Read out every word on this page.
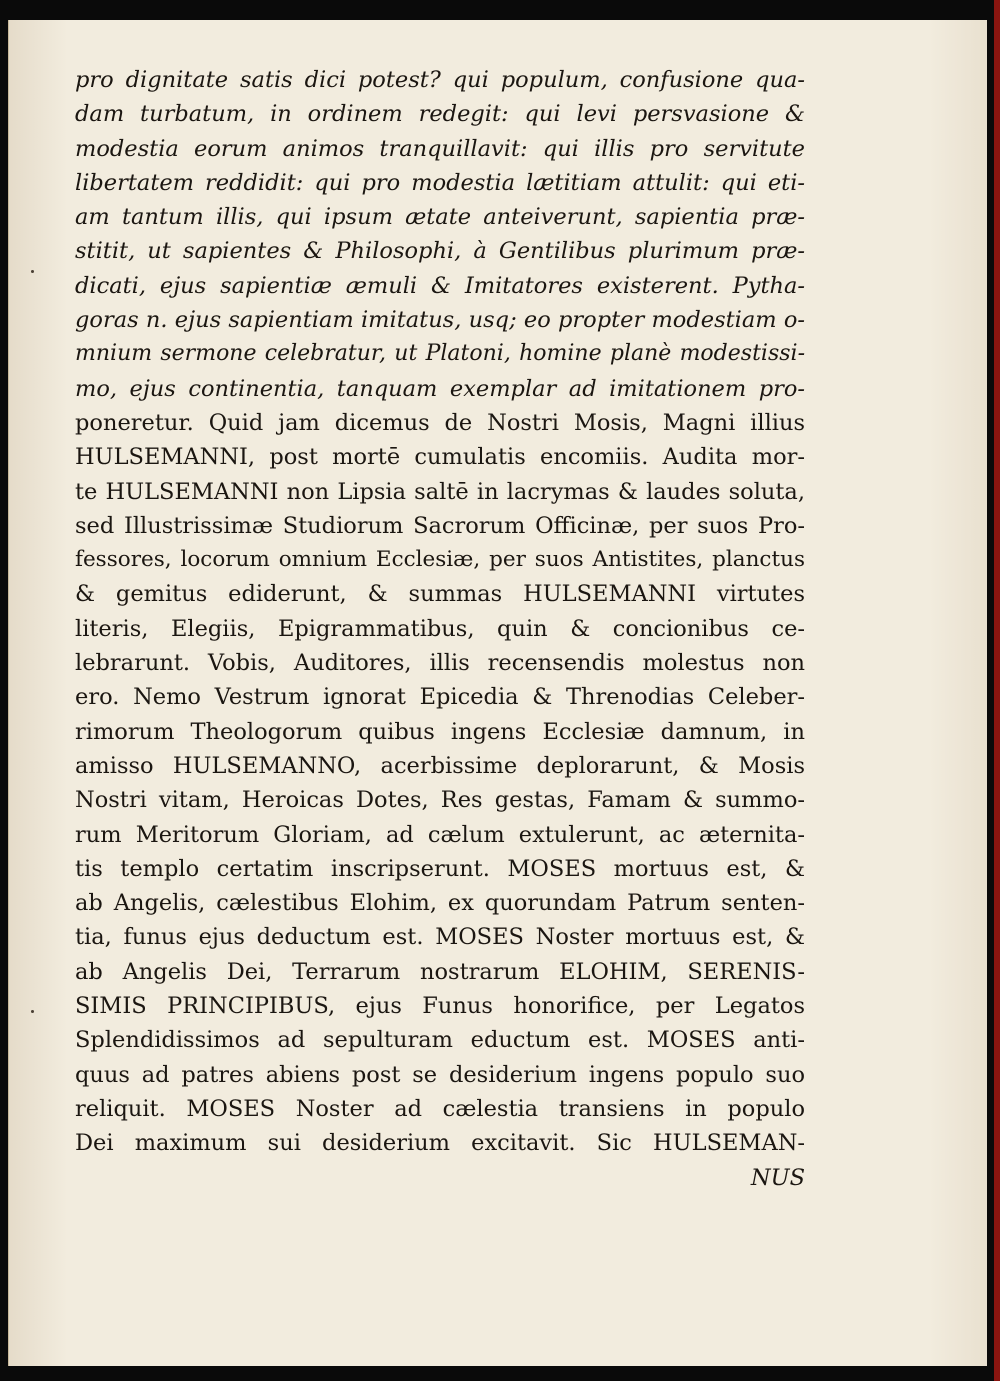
pro dignitate satis dici potest? qui populum, confusione qua-
dam turbatum, in ordinem redegit: qui levi persvasione &
modestia eorum animos tranquillavit: qui illis pro servitute
libertatem reddidit: qui pro modestia lætitiam attulit: qui eti-
am tantum illis, qui ipsum ætate anteiverunt, sapientia præ-
stitit, ut sapientes & Philosophi, à Gentilibus plurimum præ-
dicati, ejus sapientiæ æmuli & Imitatores existerent. Pytha-
goras n. ejus sapientiam imitatus, usq; eo propter modestiam o-
mnium sermone celebratur, ut Platoni, homine planè modestissi-
mo, ejus continentia, tanquam exemplar ad imitationem pro-
poneretur. Quid jam dicemus de Nostri Mosis, Magni illius
HULSEMANNI, post mortē cumulatis encomiis. Audita mor-
te HULSEMANNI non Lipsia saltē in lacrymas & laudes soluta,
sed Illustrissimæ Studiorum Sacrorum Officinæ, per suos Pro-
fessores, locorum omnium Ecclesiæ, per suos Antistites, planctus
& gemitus ediderunt, & summas HULSEMANNI virtutes
literis, Elegiis, Epigrammatibus, quin & concionibus ce-
lebrarunt. Vobis, Auditores, illis recensendis molestus non
ero. Nemo Vestrum ignorat Epicedia & Threnodias Celeber-
rimorum Theologorum quibus ingens Ecclesiæ damnum, in
amisso HULSEMANNO, acerbissime deplorarunt, & Mosis
Nostri vitam, Heroicas Dotes, Res gestas, Famam & summo-
rum Meritorum Gloriam, ad cælum extulerunt, ac æternita-
tis templo certatim inscripserunt. MOSES mortuus est, &
ab Angelis, cælestibus Elohim, ex quorundam Patrum senten-
tia, funus ejus deductum est. MOSES Noster mortuus est, &
ab Angelis Dei, Terrarum nostrarum ELOHIM, SERENIS-
SIMIS PRINCIPIBUS, ejus Funus honorifice, per Legatos
Splendidissimos ad sepulturam eductum est. MOSES anti-
quus ad patres abiens post se desiderium ingens populo suo
reliquit. MOSES Noster ad cælestia transiens in populo
Dei maximum sui desiderium excitavit. Sic HULSEMAN-
NUS
